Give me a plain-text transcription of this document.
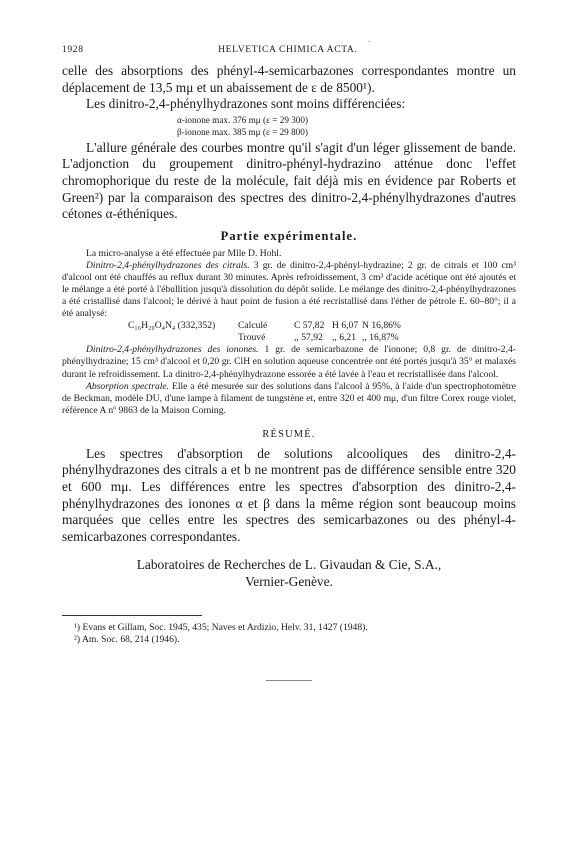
1928
·
HELVETICA CHIMICA ACTA.

celle des absorptions des phényl-4-semicarbazones correspondantes montre un déplacement de 13,5 mμ et un abaissement de ε de 8500¹).

Les dinitro-2,4-phénylhydrazones sont moins différenciées:

α-ionone max. 376 mμ (ε = 29 300)
β-ionone max. 385 mμ (ε = 29 800)

L'allure générale des courbes montre qu'il s'agit d'un léger glissement de bande. L'adjonction du groupement dinitro-phényl-hydrazino atténue donc l'effet chromophorique du reste de la molécule, fait déjà mis en évidence par Roberts et Green²) par la comparaison des spectres des dinitro-2,4-phénylhydrazones d'autres cétones α-éthéniques.

Partie expérimentale.

La micro-analyse a été effectuée par Mlle D. Hohl.

Dinitro-2,4-phénylhydrazones des citrals. 3 gr. de dinitro-2,4-phényl-hydrazine; 2 gr. de citrals et 100 cm³ d'alcool ont été chauffés au reflux durant 30 minutes. Après refroidissement, 3 cm³ d'acide acétique ont été ajoutés et le mélange a été porté à l'ébullition jusqu'à dissolution du dépôt solide. Le mélange des dinitro-2,4-phénylhydrazones a été cristallisé dans l'alcool; le dérivé à haut point de fusion a été recristallisé dans l'éther de pétrole E. 60–80°; il a été analysé:

C₁₆H₂₀O₄N₄ (332,352)	Calculé	C 57,82 H 6,07 N 16,86%
Trouvé	,, 57,92 ,, 6,21 ,, 16,87%

Dinitro-2,4-phénylhydrazones des ionones. 1 gr. de semicarbazone de l'ionone; 0,8 gr. de dinitro-2,4-phénylhydrazine; 15 cm³ d'alcool et 0,20 gr. ClH en solution aqueuse concentrée ont été portés jusqu'à 35° et malaxés durant le refroidissement. La dinitro-2,4-phénylhydrazone essorée a été lavée à l'eau et recristallisée dans l'alcool.

Absorption spectrale. Elle a été mesurée sur des solutions dans l'alcool à 95%, à l'aide d'un spectrophotomètre de Beckman, modèle DU, d'une lampe à filament de tungstène et, entre 320 et 400 mμ, d'un filtre Corex rouge violet, référence A nº 9863 de la Maison Corning.

RÉSUMÉ.

Les spectres d'absorption de solutions alcooliques des dinitro-2,4-phénylhydrazones des citrals a et b ne montrent pas de différence sensible entre 320 et 600 mμ. Les différences entre les spectres d'absorption des dinitro-2,4-phénylhydrazones des ionones α et β dans la même région sont beaucoup moins marquées que celles entre les spectres des semicarbazones ou des phényl-4-semicarbazones correspondantes.

Laboratoires de Recherches de L. Givaudan & Cie, S.A.,
Vernier-Genève.

¹) Evans et Gillam, Soc. 1945, 435; Naves et Ardizio, Helv. 31, 1427 (1948).

²) Am. Soc. 68, 214 (1946).
